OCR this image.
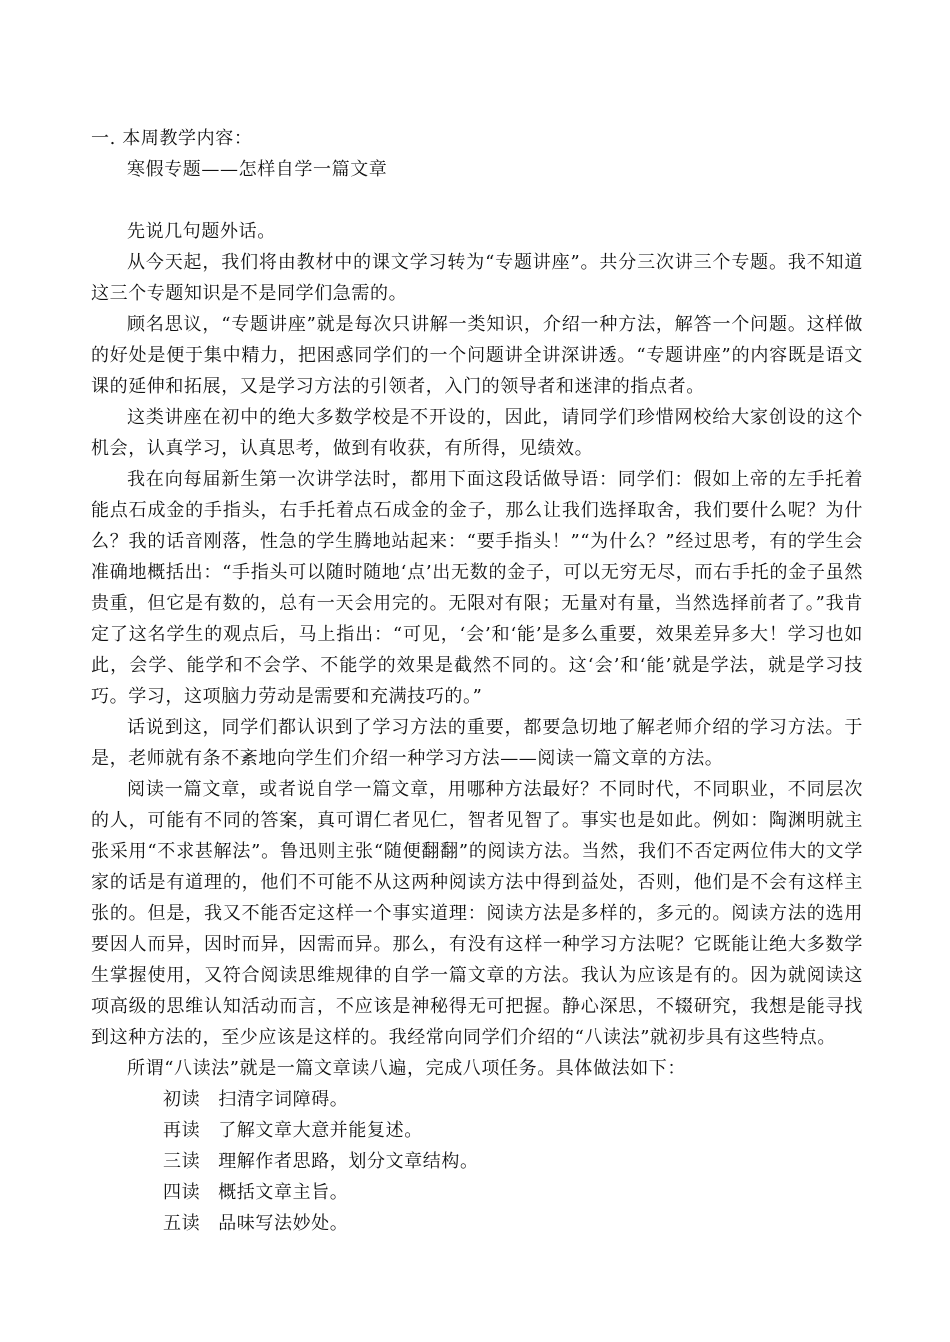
一. 本周教学内容：

寒假专题——怎样自学一篇文章

先说几句题外话。

从今天起，我们将由教材中的课文学习转为“专题讲座”。共分三次讲三个专题。我不知道这三个专题知识是不是同学们急需的。

顾名思议，“专题讲座”就是每次只讲解一类知识，介绍一种方法，解答一个问题。这样做的好处是便于集中精力，把困惑同学们的一个问题讲全讲深讲透。“专题讲座”的内容既是语文课的延伸和拓展，又是学习方法的引领者，入门的领导者和迷津的指点者。

这类讲座在初中的绝大多数学校是不开设的，因此，请同学们珍惜网校给大家创设的这个机会，认真学习，认真思考，做到有收获，有所得，见绩效。

我在向每届新生第一次讲学法时，都用下面这段话做导语：同学们：假如上帝的左手托着能点石成金的手指头，右手托着点石成金的金子，那么让我们选择取舍，我们要什么呢？为什么？我的话音刚落，性急的学生腾地站起来：“要手指头！”“为什么？”经过思考，有的学生会准确地概括出：“手指头可以随时随地‘点’出无数的金子，可以无穷无尽，而右手托的金子虽然贵重，但它是有数的，总有一天会用完的。无限对有限；无量对有量，当然选择前者了。”我肯定了这名学生的观点后，马上指出：“可见，‘会’和‘能’是多么重要，效果差异多大！学习也如此，会学、能学和不会学、不能学的效果是截然不同的。这‘会’和‘能’就是学法，就是学习技巧。学习，这项脑力劳动是需要和充满技巧的。”

话说到这，同学们都认识到了学习方法的重要，都要急切地了解老师介绍的学习方法。于是，老师就有条不紊地向学生们介绍一种学习方法——阅读一篇文章的方法。

阅读一篇文章，或者说自学一篇文章，用哪种方法最好？不同时代，不同职业，不同层次的人，可能有不同的答案，真可谓仁者见仁，智者见智了。事实也是如此。例如：陶渊明就主张采用“不求甚解法”。鲁迅则主张“随便翻翻”的阅读方法。当然，我们不否定两位伟大的文学家的话是有道理的，他们不可能不从这两种阅读方法中得到益处，否则，他们是不会有这样主张的。但是，我又不能否定这样一个事实道理：阅读方法是多样的，多元的。阅读方法的选用要因人而异，因时而异，因需而异。那么，有没有这样一种学习方法呢？它既能让绝大多数学生掌握使用，又符合阅读思维规律的自学一篇文章的方法。我认为应该是有的。因为就阅读这项高级的思维认知活动而言，不应该是神秘得无可把握。静心深思，不辍研究，我想是能寻找到这种方法的，至少应该是这样的。我经常向同学们介绍的“八读法”就初步具有这些特点。

所谓“八读法”就是一篇文章读八遍，完成八项任务。具体做法如下：

初读 扫清字词障碍。

再读 了解文章大意并能复述。

三读 理解作者思路，划分文章结构。

四读 概括文章主旨。

五读 品味写法妙处。
